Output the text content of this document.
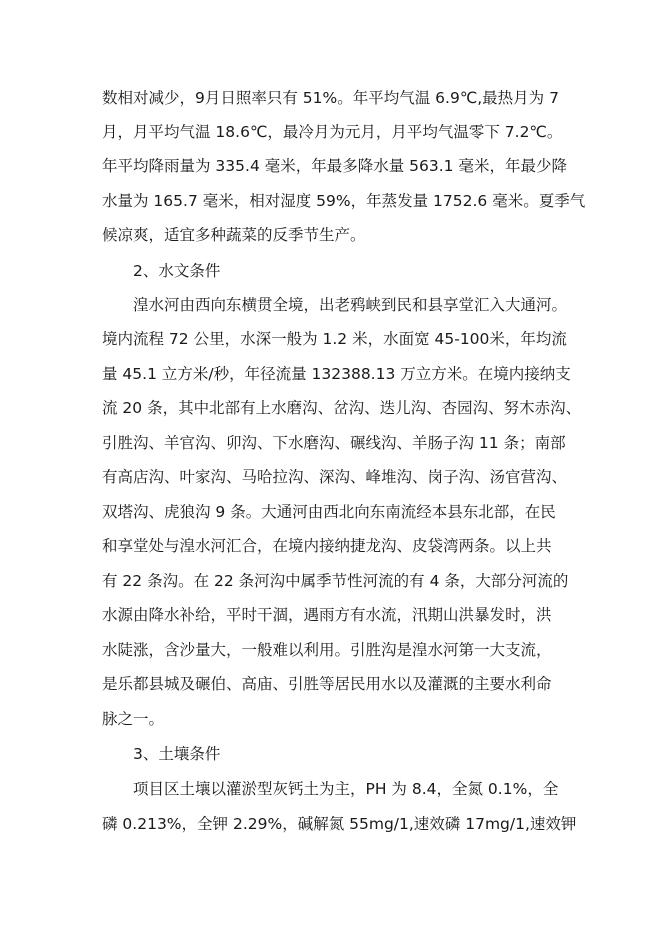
数相对减少，9月日照率只有 51%。年平均气温 6.9℃,最热月为 7
月，月平均气温 18.6℃，最冷月为元月，月平均气温零下 7.2℃。
年平均降雨量为 335.4 毫米，年最多降水量 563.1 毫米，年最少降
水量为 165.7 毫米，相对湿度 59%，年蒸发量 1752.6 毫米。夏季气
候凉爽，适宜多种蔬菜的反季节生产。
2、水文条件
湟水河由西向东横贯全境，出老鸦峡到民和县享堂汇入大通河。
境内流程 72 公里，水深一般为 1.2 米，水面宽 45-100米，年均流
量 45.1 立方米/秒，年径流量 132388.13 万立方米。在境内接纳支
流 20 条，其中北部有上水磨沟、岔沟、迭儿沟、杏园沟、努木赤沟、
引胜沟、羊官沟、卯沟、下水磨沟、碾线沟、羊肠子沟 11 条；南部
有高店沟、叶家沟、马哈拉沟、深沟、峰堆沟、岗子沟、汤官营沟、
双塔沟、虎狼沟 9 条。大通河由西北向东南流经本县东北部，在民
和享堂处与湟水河汇合，在境内接纳捷龙沟、皮袋湾两条。以上共
有 22 条沟。在 22 条河沟中属季节性河流的有 4 条，大部分河流的
水源由降水补给，平时干涸，遇雨方有水流，汛期山洪暴发时，洪
水陡涨，含沙量大，一般难以利用。引胜沟是湟水河第一大支流，
是乐都县城及碾伯、高庙、引胜等居民用水以及灌溉的主要水利命
脉之一。
3、土壤条件
项目区土壤以灌淤型灰钙土为主，PH 为 8.4，全氮 0.1%，全
磷 0.213%，全钾 2.29%，碱解氮 55mg/1,速效磷 17mg/1,速效钾
